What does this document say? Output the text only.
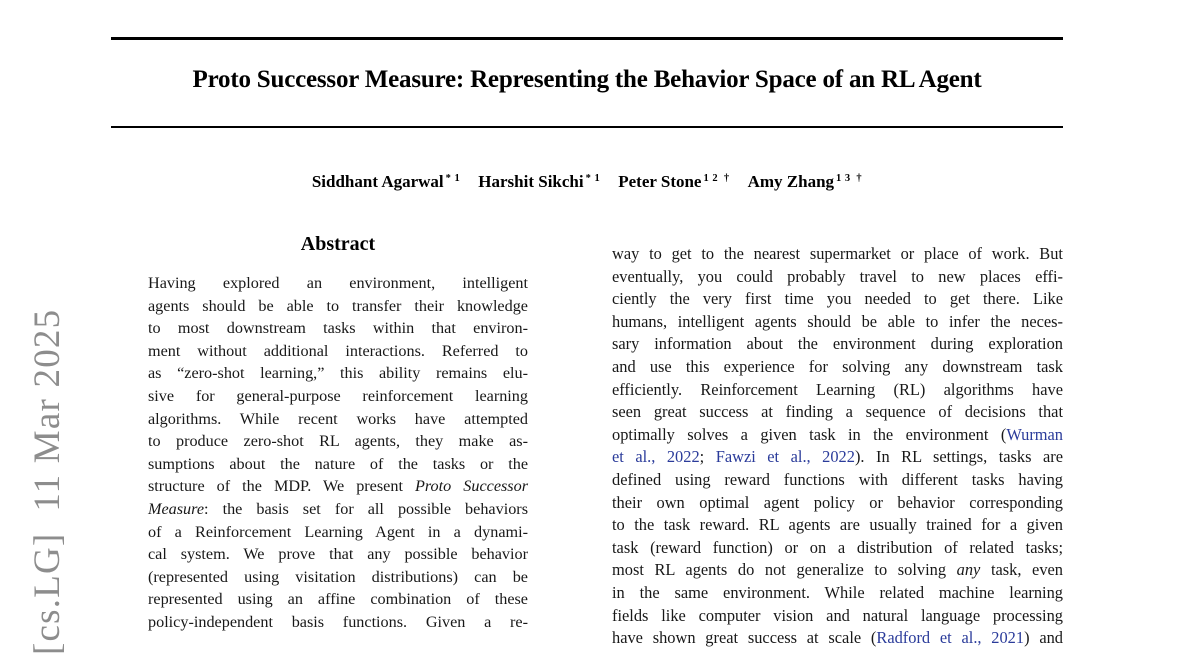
[cs.LG]  11 Mar 2025
Proto Successor Measure: Representing the Behavior Space of an RL Agent
Siddhant Agarwal $^{* 1}$ Harshit Sikchi $^{* 1}$ Peter Stone $^{1 2 \dagger}$ Amy Zhang $^{1 3 \dagger}$
Abstract
Having explored an environment, intelligent
agents should be able to transfer their knowledge
to most downstream tasks within that environ-
ment without additional interactions. Referred to
as “zero-shot learning,” this ability remains elu-
sive for general-purpose reinforcement learning
algorithms. While recent works have attempted
to produce zero-shot RL agents, they make as-
sumptions about the nature of the tasks or the
structure of the MDP. We present Proto Successor
Measure: the basis set for all possible behaviors
of a Reinforcement Learning Agent in a dynami-
cal system. We prove that any possible behavior
(represented using visitation distributions) can be
represented using an affine combination of these
policy-independent basis functions. Given a re-
way to get to the nearest supermarket or place of work. But
eventually, you could probably travel to new places effi-
ciently the very first time you needed to get there. Like
humans, intelligent agents should be able to infer the neces-
sary information about the environment during exploration
and use this experience for solving any downstream task
efficiently. Reinforcement Learning (RL) algorithms have
seen great success at finding a sequence of decisions that
optimally solves a given task in the environment (Wurman
et al., 2022; Fawzi et al., 2022). In RL settings, tasks are
defined using reward functions with different tasks having
their own optimal agent policy or behavior corresponding
to the task reward. RL agents are usually trained for a given
task (reward function) or on a distribution of related tasks;
most RL agents do not generalize to solving any task, even
in the same environment. While related machine learning
fields like computer vision and natural language processing
have shown great success at scale (Radford et al., 2021) and
